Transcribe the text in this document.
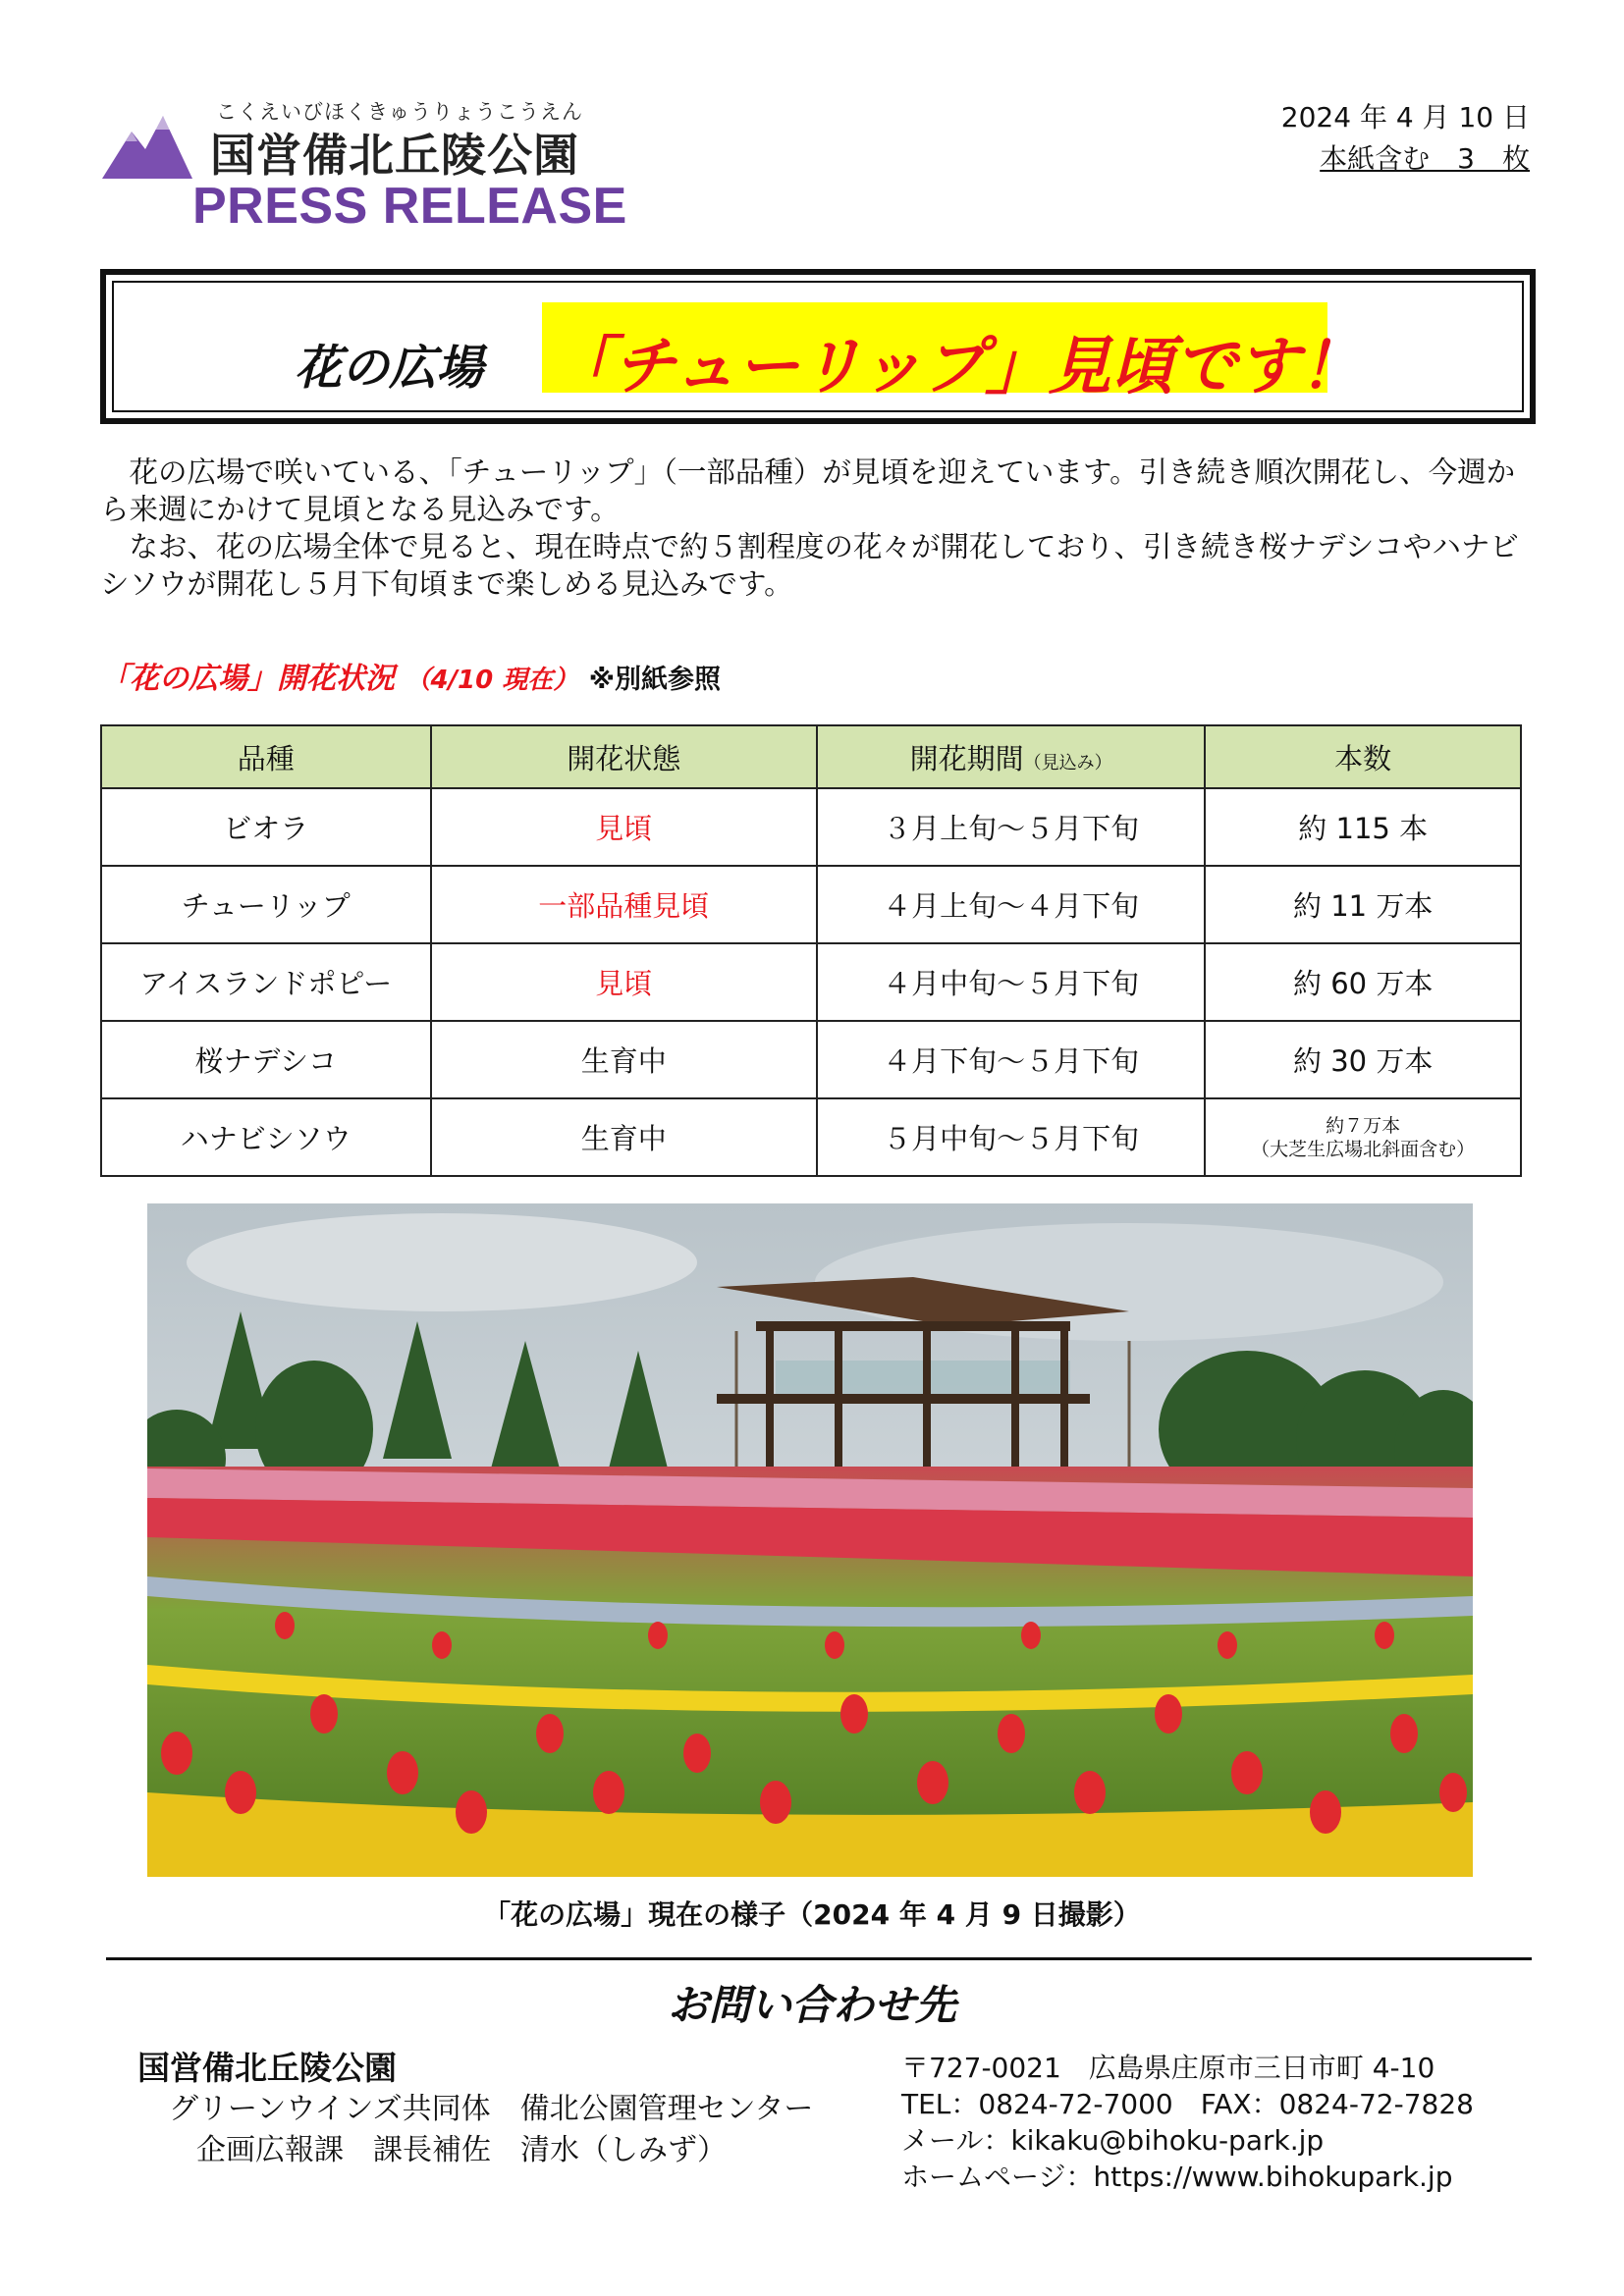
こくえいびほくきゅうりょうこうえん
国営備北丘陵公園
PRESS RELEASE
2024 年 4 月 10 日
本紙含む　3　枚
花の広場 「チューリップ」見頃です！

　花の広場で咲いている、「チューリップ」（一部品種）が見頃を迎えています。引き続き順次開花し、今週から来週にかけて見頃となる見込みです。

　なお、花の広場全体で見ると、現在時点で約５割程度の花々が開花しており、引き続き桜ナデシコやハナビシソウが開花し５月下旬頃まで楽しめる見込みです。

「花の広場」開花状況 （4/10 現在） ※別紙参照
品種	開花状態	開花期間（見込み）	本数
ビオラ	見頃	３月上旬～５月下旬	約 115 本
チューリップ	一部品種見頃	４月上旬～４月下旬	約 11 万本
アイスランドポピー	見頃	４月中旬～５月下旬	約 60 万本
桜ナデシコ	生育中	４月下旬～５月下旬	約 30 万本
ハナビシソウ	生育中	５月中旬～５月下旬	約７万本
（大芝生広場北斜面含む）
「花の広場」現在の様子（2024 年 4 月 9 日撮影）
お問い合わせ先
国営備北丘陵公園
グリーンウインズ共同体　備北公園管理センター
企画広報課　課長補佐　清水（しみず）
〒727-0021　広島県庄原市三日市町 4-10
TEL：0824-72-7000　FAX：0824-72-7828
メール：kikaku@bihoku-park.jp
ホームページ：https://www.bihokupark.jp
